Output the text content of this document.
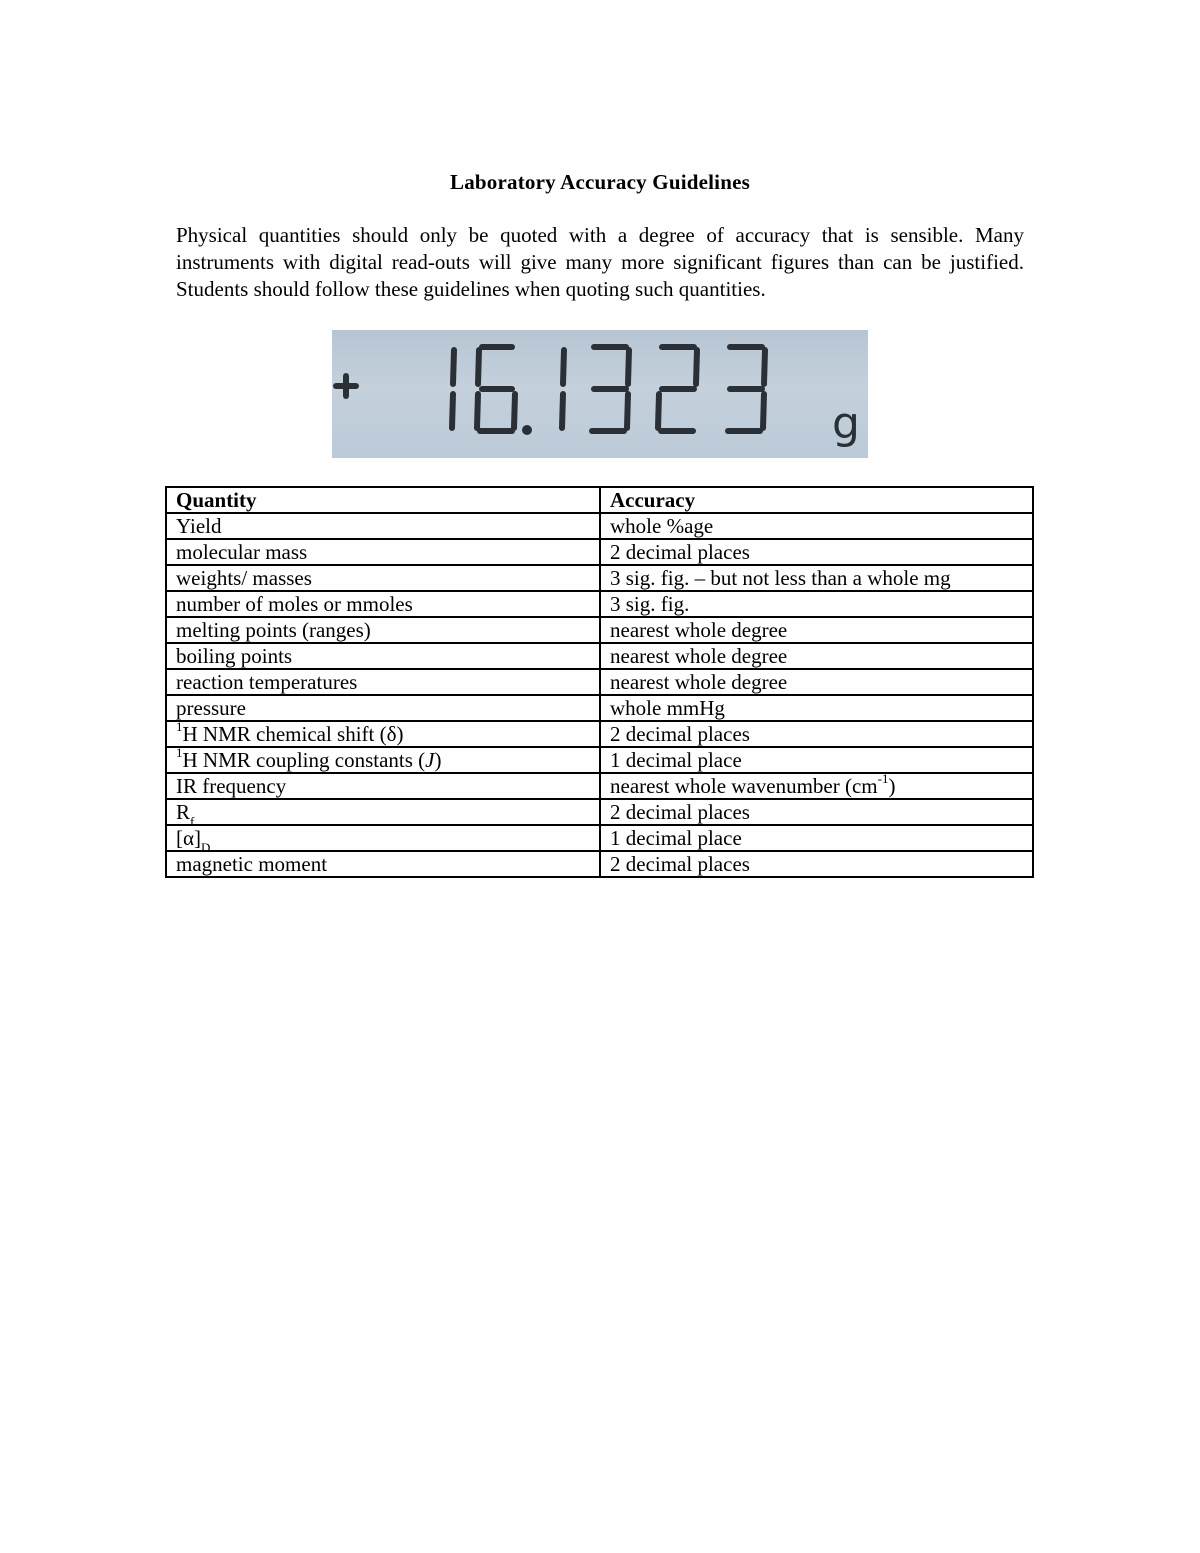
Laboratory Accuracy Guidelines
Physical quantities should only be quoted with a degree of accuracy that is sensible. Many instruments with digital read-outs will give many more significant figures than can be justified. Students should follow these guidelines when quoting such quantities.
g
Quantity	Accuracy
Yield	whole %age
molecular mass	2 decimal places
weights/ masses	3 sig. fig. – but not less than a whole mg
number of moles or mmoles	3 sig. fig.
melting points (ranges)	nearest whole degree
boiling points	nearest whole degree
reaction temperatures	nearest whole degree
pressure	whole mmHg
$^1$H NMR chemical shift (δ)	2 decimal places
$^1$H NMR coupling constants (J)	1 decimal place
IR frequency	nearest whole wavenumber $(cm^{-1})$
$R_f$	2 decimal places
$[\alpha]_D$	1 decimal place
magnetic moment	2 decimal places
